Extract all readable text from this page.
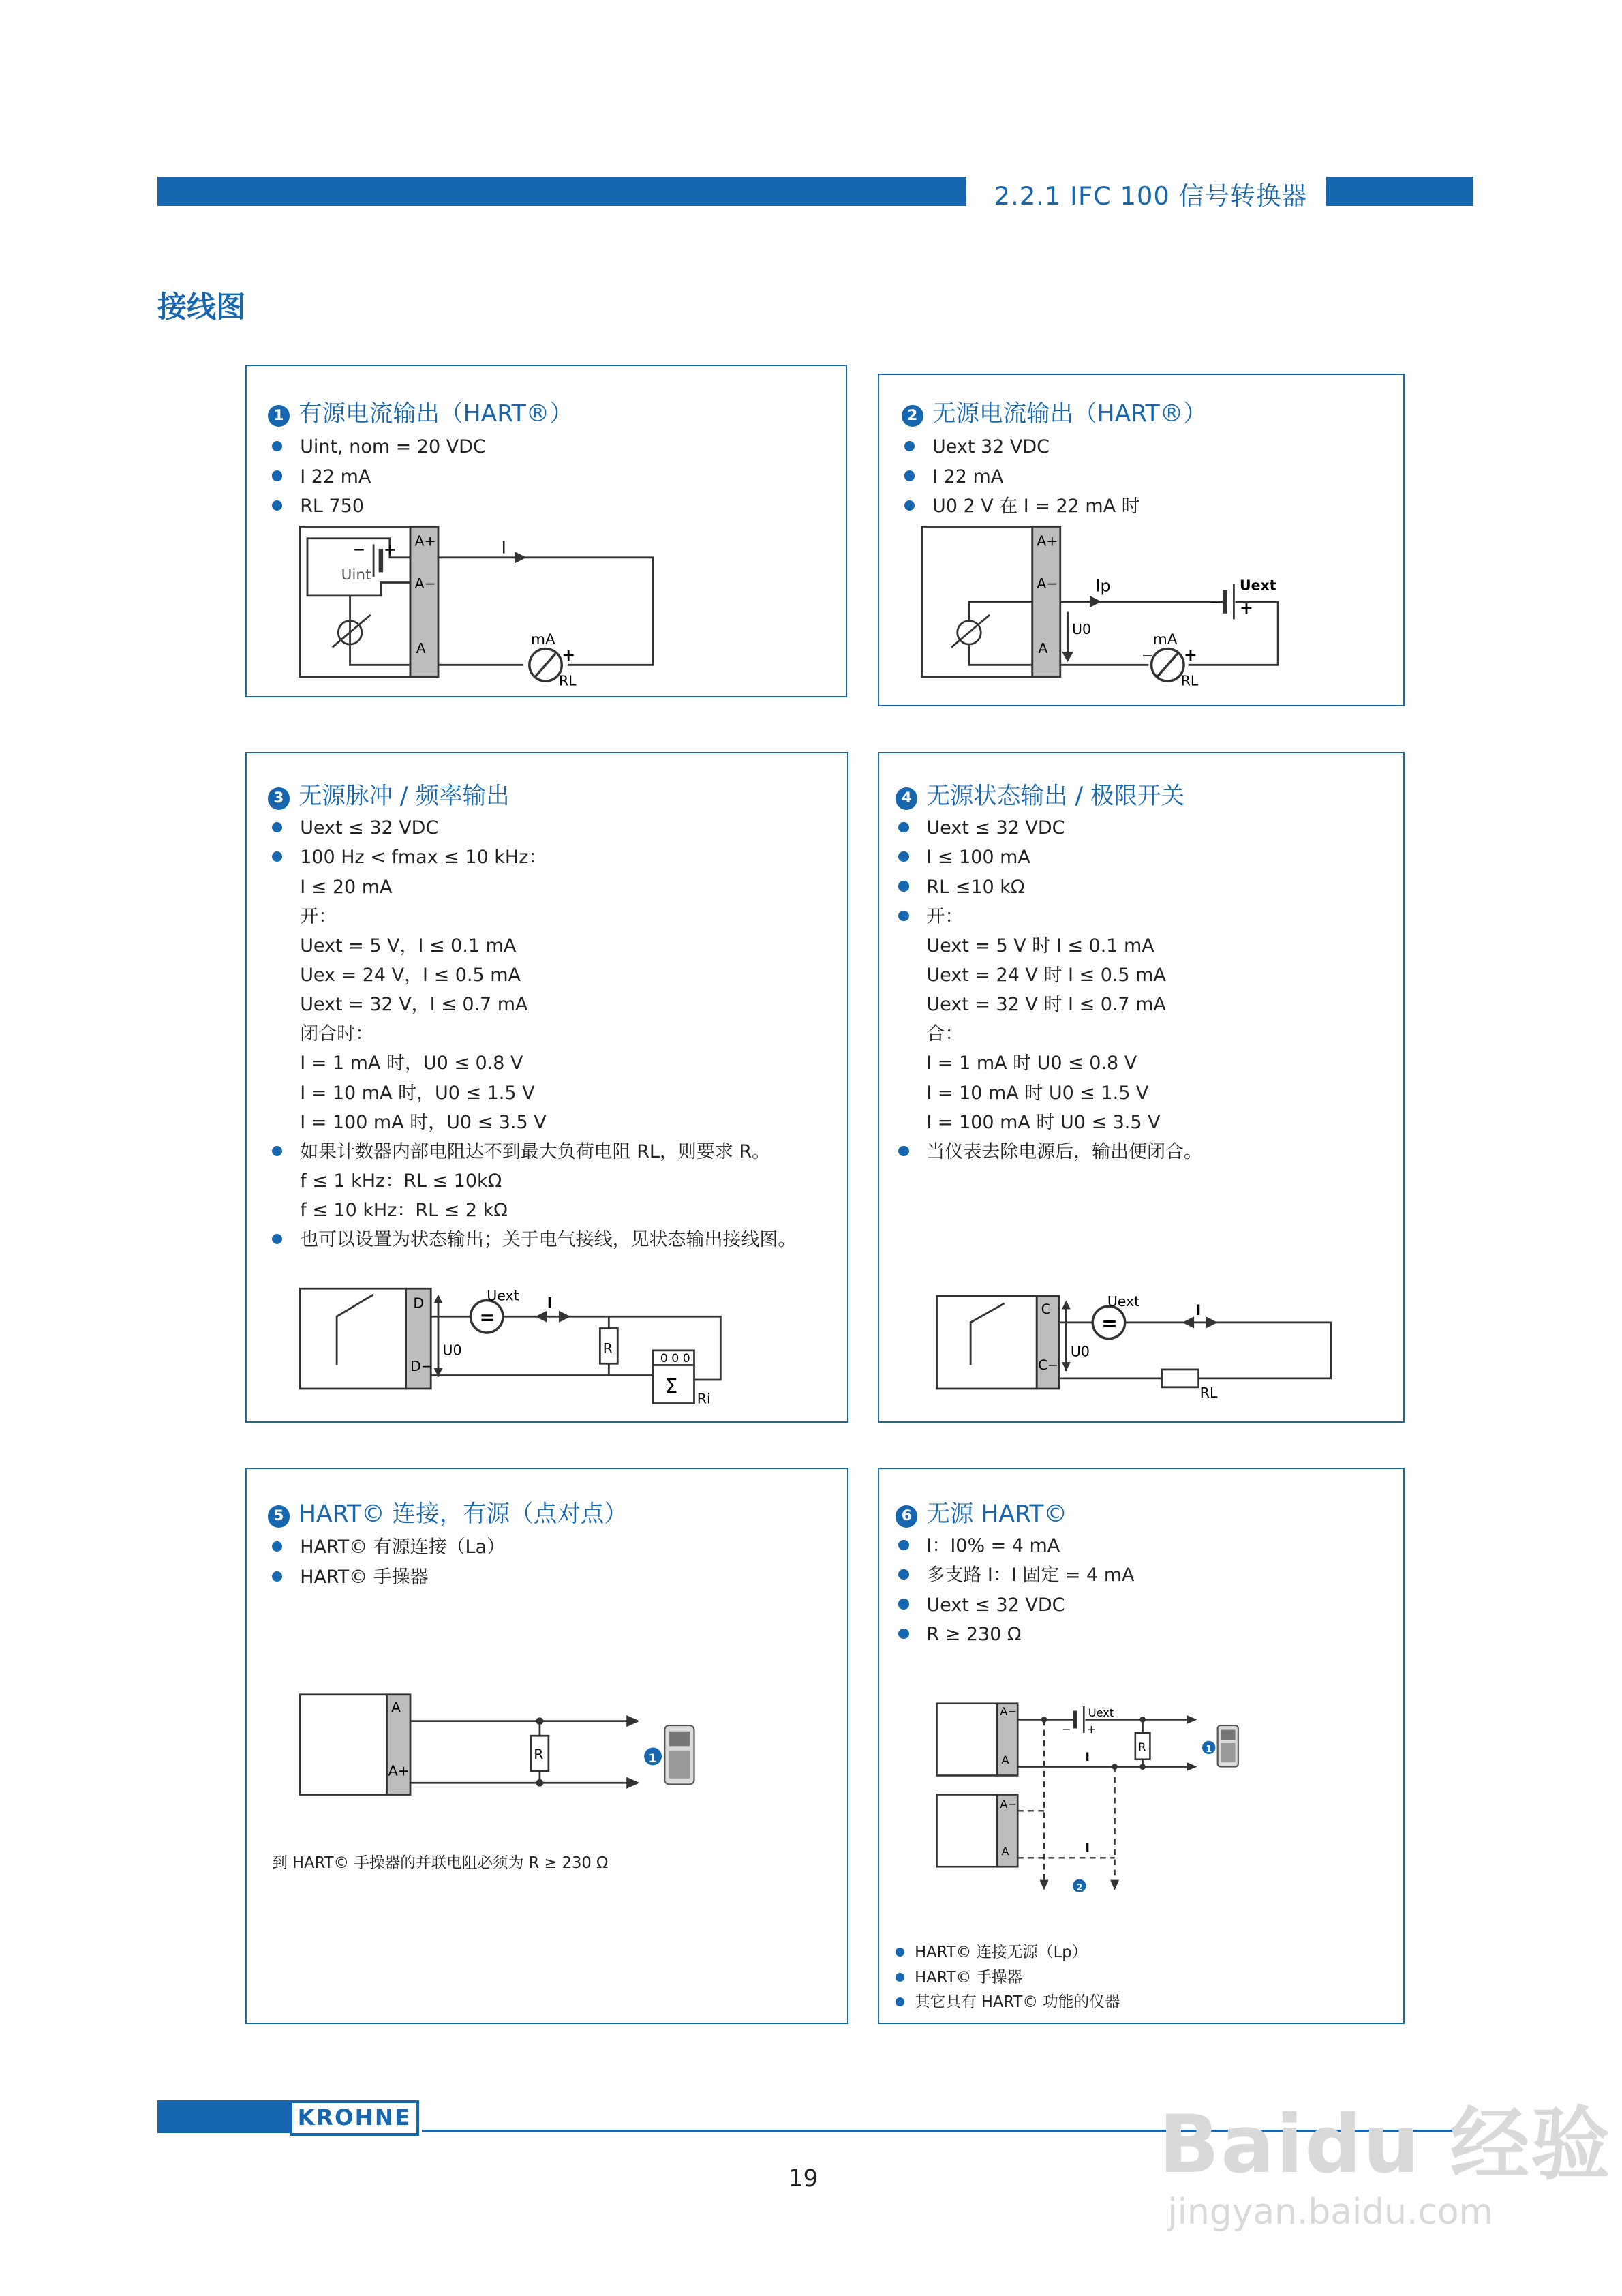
2.2.1 IFC 100 信号转换器
接线图
1 有源电流输出（HART®）
Uint, nom = 20 VDC
I 22 mA
RL 750
A+
A−
A
I
mA
Uint
RL
−	+
+
2 无源电流输出（HART®）
Uext 32 VDC
I 22 mA
U0 2 V 在 I = 22 mA 时
A+
A−
A
Ip
U0
mA
Uext
RL
− +
−	+
3 无源脉冲 / 频率输出
Uext ≤ 32 VDC
100 Hz < fmax ≤ 10 kHz：
I ≤ 20 mA
开：
Uext = 5 V，I ≤ 0.1 mA
Uex = 24 V，I ≤ 0.5 mA
Uext = 32 V，I ≤ 0.7 mA
闭合时：
I = 1 mA 时，U0 ≤ 0.8 V
I = 10 mA 时，U0 ≤ 1.5 V
I = 100 mA 时，U0 ≤ 3.5 V
如果计数器内部电阻达不到最大负荷电阻 RL，则要求 R。
f ≤ 1 kHz：RL ≤ 10kΩ
f ≤ 10 kHz：RL ≤ 2 kΩ
也可以设置为状态输出；关于电气接线，见状态输出接线图。
D
D−
U0
Uext	I
R
0 0 0
Σ
Ri
=
4 无源状态输出 / 极限开关
Uext ≤ 32 VDC
I ≤ 100 mA
RL ≤10 kΩ
开：
Uext = 5 V 时 I ≤ 0.1 mA
Uext = 24 V 时 I ≤ 0.5 mA
Uext = 32 V 时 I ≤ 0.7 mA
合：
I = 1 mA 时 U0 ≤ 0.8 V
I = 10 mA 时 U0 ≤ 1.5 V
I = 100 mA 时 U0 ≤ 3.5 V
当仪表去除电源后，输出便闭合。
C
C−
U0
Uext
I
RL
=
5 HART© 连接，有源（点对点）
HART© 有源连接（La）
HART© 手操器
到 HART© 手操器的并联电阻必须为 R ≥ 230 Ω
1
A
A+
R
6 无源 HART©
I：I0% = 4 mA
多支路 I：I 固定 = 4 mA
Uext ≤ 32 VDC
R ≥ 230 Ω
HART© 连接无源（Lp）
HART© 手操器
其它具有 HART© 功能的仪器
1
2
A−
A
A−
A
Uext
R
−	+
I
I
KROHNE
19	Baidu 经验
jingyan.baidu.com
